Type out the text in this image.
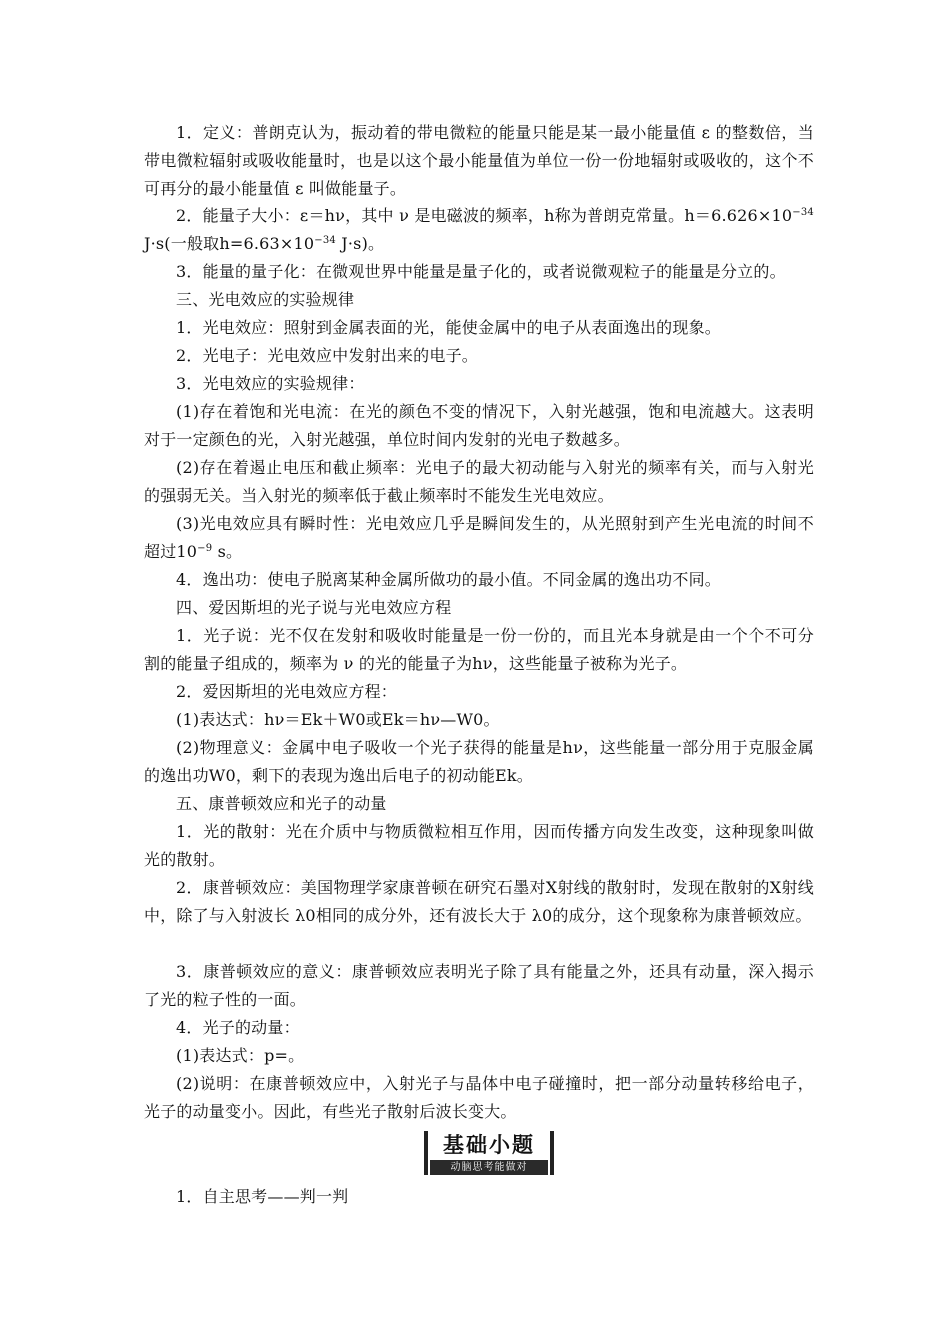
1．定义：普朗克认为，振动着的带电微粒的能量只能是某一最小能量值 ε 的整数倍，当带电微粒辐射或吸收能量时，也是以这个最小能量值为单位一份一份地辐射或吸收的，这个不可再分的最小能量值 ε 叫做能量子。
2．能量子大小：ε＝hν，其中 ν 是电磁波的频率，h称为普朗克常量。$h=6.626\times 10^{-34}$ J·s(一般取$h=6.63\times 10^{-34}$ J·s)。
3．能量的量子化：在微观世界中能量是量子化的，或者说微观粒子的能量是分立的。
三、光电效应的实验规律
1．光电效应：照射到金属表面的光，能使金属中的电子从表面逸出的现象。
2．光电子：光电效应中发射出来的电子。
3．光电效应的实验规律：
(1)存在着饱和光电流：在光的颜色不变的情况下，入射光越强，饱和电流越大。这表明对于一定颜色的光，入射光越强，单位时间内发射的光电子数越多。
(2)存在着遏止电压和截止频率：光电子的最大初动能与入射光的频率有关，而与入射光的强弱无关。当入射光的频率低于截止频率时不能发生光电效应。
(3)光电效应具有瞬时性：光电效应几乎是瞬间发生的，从光照射到产生光电流的时间不超过$10^{-9}$ s。
4．逸出功：使电子脱离某种金属所做功的最小值。不同金属的逸出功不同。
四、爱因斯坦的光子说与光电效应方程
1．光子说：光不仅在发射和吸收时能量是一份一份的，而且光本身就是由一个个不可分割的能量子组成的，频率为 ν 的光的能量子为hν，这些能量子被称为光子。
2．爱因斯坦的光电效应方程：
(1)表达式：hν＝Ek＋W0或Ek＝hν—W0。
(2)物理意义：金属中电子吸收一个光子获得的能量是hν，这些能量一部分用于克服金属的逸出功W0，剩下的表现为逸出后电子的初动能Ek。
五、康普顿效应和光子的动量
1．光的散射：光在介质中与物质微粒相互作用，因而传播方向发生改变，这种现象叫做光的散射。
2．康普顿效应：美国物理学家康普顿在研究石墨对X射线的散射时，发现在散射的X射线中，除了与入射波长 λ0相同的成分外，还有波长大于 λ0的成分，这个现象称为康普顿效应。
3．康普顿效应的意义：康普顿效应表明光子除了具有能量之外，还具有动量，深入揭示了光的粒子性的一面。
4．光子的动量：
(1)表达式：p=。
(2)说明：在康普顿效应中，入射光子与晶体中电子碰撞时，把一部分动量转移给电子，光子的动量变小。因此，有些光子散射后波长变大。
基础小题
动脑思考能做对
1．自主思考——判一判
